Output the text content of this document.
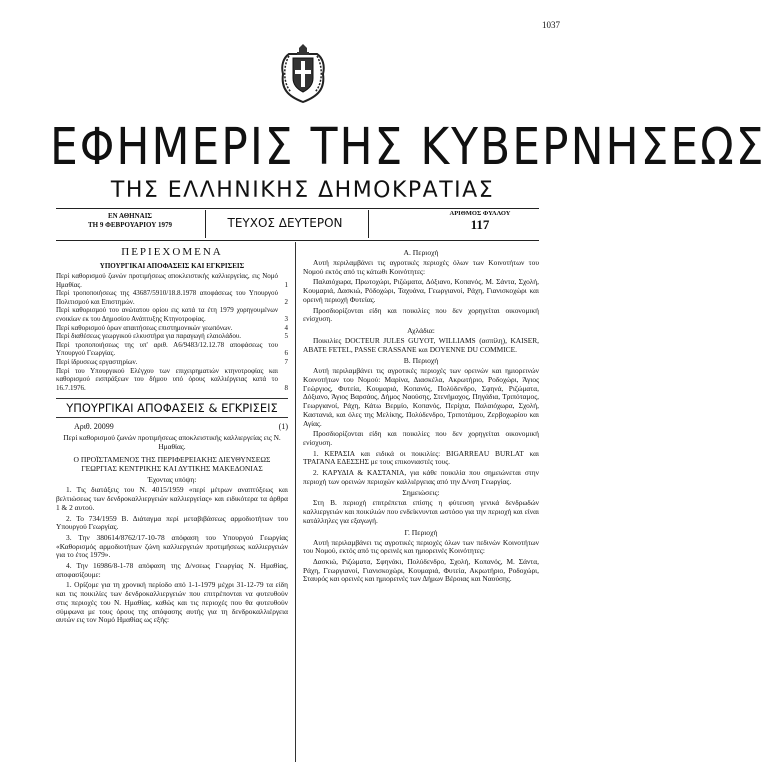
1037
ΕΦΗΜΕΡΙΣ ΤΗΣ ΚΥΒΕΡΝΗΣΕΩΣ
ΤΗΣ ΕΛΛΗΝΙΚΗΣ ΔΗΜΟΚΡΑΤΙΑΣ
ΕΝ ΑΘΗΝΑΙΣ
ΤΗ 9 ΦΕΒΡΟΥΑΡΙΟΥ 1979	ΤΕΥΧΟΣ ΔΕΥΤΕΡΟΝ
ΑΡΙΘΜΟΣ ΦΥΛΛΟΥ
117
ΠΕΡΙΕΧΟΜΕΝΑ
ΥΠΟΥΡΓΙΚΑΙ ΑΠΟΦΑΣΕΙΣ ΚΑΙ ΕΓΚΡΙΣΕΙΣ
Περί καθορισμού ζωνών προτιμήσεως αποκλειστικής καλλιεργείας, εις Νομό Ημαθίας.	1
Περί τροποποιήσεως της 43687/5910/18.8.1978 αποφάσεως του Υπουργού Πολιτισμού και Επιστημών.	2
Περί καθορισμού του ανώτατου ορίου εις κατά τα έτη 1979 χορηγουμένων ενοικίων εκ του Δημοσίου Ανάπτυξης Κτηνοτροφίας.	3
Περί καθορισμού όρων απαιτήσεως επιστημονικών γεωπόνων.	4
Περί διαθέσεως γεωργικού ελκυστήρα για παραγωγή ελαιολάδου.	5
Περί τροποποιήσεως της υπ' αριθ. Α6/9483/12.12.78 αποφάσεως του Υπουργού Γεωργίας.	6
Περί ίδρυσεως εργαστηρίων.	7
Περί του Υπουργικού Ελέγχου των επιχειρηματιών κτηνοτροφίας και καθορισμού εισπράξεων του δήμου υπό όρους καλλιέργειας κατά το 16.7.1976.	8
ΥΠΟΥΡΓΙΚΑΙ ΑΠΟΦΑΣΕΙΣ & ΕΓΚΡΙΣΕΙΣ
Αριθ. 20099	(1)

Περί καθορισμού ζωνών προτιμήσεως αποκλειστικής καλλιεργείας εις Ν. Ημαθίας.

Ο ΠΡΟΪΣΤΑΜΕΝΟΣ ΤΗΣ ΠΕΡΙΦΕΡΕΙΑΚΗΣ ΔΙΕΥΘΥΝΣΕΩΣ ΓΕΩΡΓΙΑΣ ΚΕΝΤΡΙΚΗΣ ΚΑΙ ΔΥΤΙΚΗΣ ΜΑΚΕΔΟΝΙΑΣ

Έχοντας υπόψη:

1. Τις διατάξεις του Ν. 4015/1959 «περί μέτρων αναπτύξεως και βελτιώσεως των δενδροκαλλιεργειών καλλιεργείας» και ειδικότερα τα άρθρα 1 & 2 αυτού.

2. Το 734/1959 Β. Διάταγμα περί μεταβιβάσεως αρμοδιοτήτων του Υπουργού Γεωργίας.

3. Την 380614/8762/17-10-78 απόφαση του Υπουργού Γεωργίας «Καθορισμός αρμοδιοτήτων ζώνη καλλιεργειών προτιμήσεως καλλιεργειών για το έτος 1979».

4. Την 16986/8-1-78 απόφαση της Δ/νσεως Γεωργίας Ν. Ημαθίας, αποφασίζουμε:

1. Ορίζομε για τη χρονική περίοδο από 1-1-1979 μέχρι 31-12-79 τα είδη και τις ποικιλίες των δενδροκαλλιεργειών που επιτρέπονται να φυτευθούν στις περιοχές του Ν. Ημαθίας, καθώς και τις περιοχές που θα φυτευθούν σύμφωνα με τους όρους της απόφασης αυτής για τη δενδροκαλλιέργεια αυτών εις τον Νομό Ημαθίας ως εξής:

Α. Περιοχή

Αυτή περιλαμβάνει τις αγροτικές περιοχές όλων των Κοινοτήτων του Νομού εκτός από τις κάτωθι Κοινότητες:

Παλαιόχωρα, Πρωτοχώρι, Ριζώματα, Δόξιανο, Κοπανός, Μ. Σάντα, Σχολή, Κουμαριά, Δασκιώ, Ρόδοχώρι, Ταχυάνα, Γεωργιανοί, Ράχη, Γιανισκοχώρι και ορεινή περιοχή Φυτείας.

Προσδιορίζονται είδη και ποικιλίες που δεν χορηγείται οικονομική ενίσχυση.

Αχλάδια:

Ποικιλίες DOCTEUR JULES GUYOT, WILLIAMS (ασπίλη), KAISER, ABATE FETEL, PASSE CRASSANE και DOYENNE DU COMMICE.

Β. Περιοχή

Αυτή περιλαμβάνει τις αγροτικές περιοχές των ορεινών και ημιορεινών Κοινοτήτων του Νομού: Μαρίνα, Διασκέλα, Ακρωτήριο, Ροδοχώρι, Άγιος Γεώργιος, Φυτεία, Κουμαριά, Κοπανός, Πολύδενδρο, Σφηνά, Ριζώματα, Δόξιανο, Άγιος Βαρσάος, Δήμος Ναούσης, Στενήμαχος, Πηγάδια, Τριπόταμος, Γεωργιανοί, Ράχη, Κάτω Βερμίο, Κοπανός, Περίχια, Παλαιόχωρα, Σχολή, Καστανιά, και όλες της Μελίκης, Πολύδενδρο, Τριποτάμου, Ζερβοχωρίου και Αγίας.

Προσδιορίζονται είδη και ποικιλίες που δεν χορηγείται οικονομική ενίσχυση.

1. ΚΕΡΑΣΙΑ και ειδικά οι ποικιλίες: BIGARREAU BURLAT και ΤΡΑΓΑΝΑ ΕΔΕΣΣΗΣ με τους επικονιαστές τους.

2. ΚΑΡΥΔΙΑ & ΚΑΣΤΑΝΙΑ, για κάθε ποικιλία που σημειώνεται στην περιοχή των ορεινών περιοχών καλλιέργειας από την Δ/νση Γεωργίας.

Σημειώσεις:

Στη Β. περιοχή επιτρέπεται επίσης η φύτευση γενικά δενδρωδών καλλιεργειών και ποικιλιών που ενδείκνυνται ωστόσο για την περιοχή και είναι κατάλληλες για εξαγωγή.

Γ. Περιοχή

Αυτή περιλαμβάνει τις αγροτικές περιοχές όλων των πεδινών Κοινοτήτων του Νομού, εκτός από τις ορεινές και ημιορεινές Κοινότητες:

Δασκιώ, Ριζώματα, Σφηνάκι, Πολύδενδρο, Σχολή, Κοπανός, Μ. Σάντα, Ράχη, Γεωργιανοί, Γιανισκοχώρι, Κουμαριά, Φυτεία, Ακρωτήριο, Ροδοχώρι, Σταυρός και ορεινές και ημιορεινές των Δήμων Βέροιας και Ναούσης.
